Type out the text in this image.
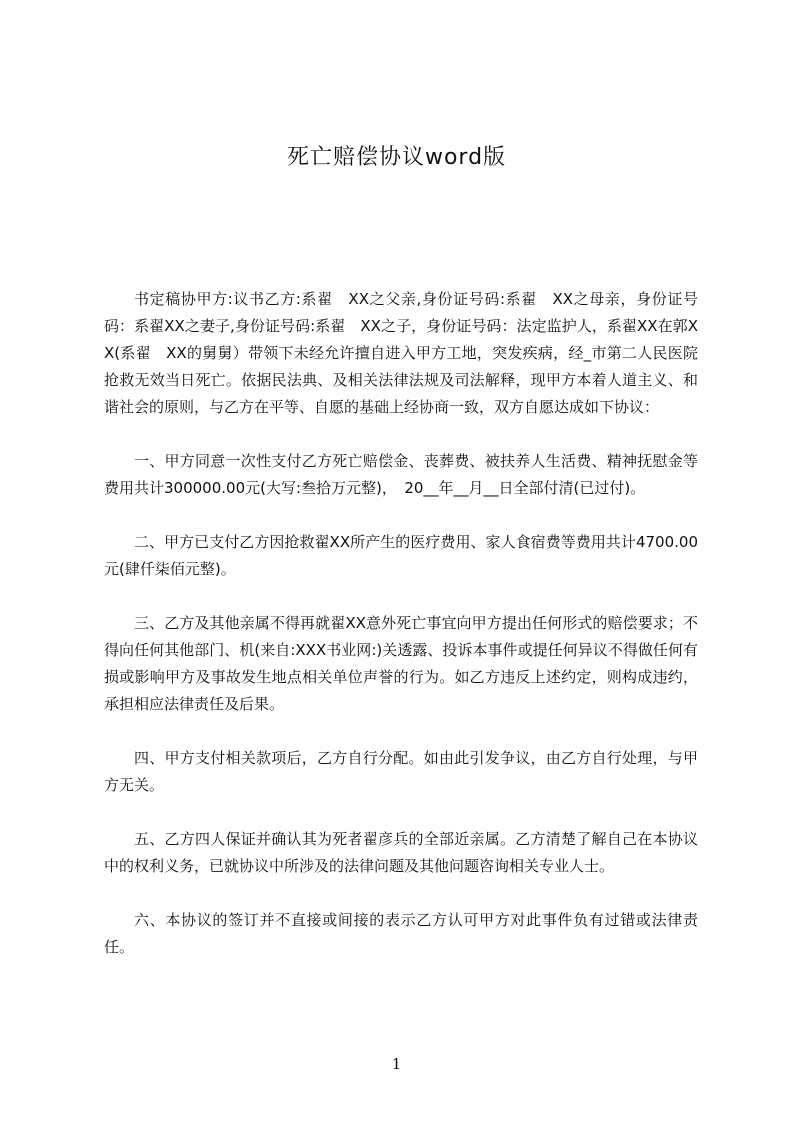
死亡赔偿协议word版

书定稿协甲方:议书乙方:系翟　XX之父亲,身份证号码:系翟　XX之母亲，身份证号码：系翟XX之妻子,身份证号码:系翟　XX之子，身份证号码：法定监护人，系翟XX在郭XX(系翟　XX的舅舅）带领下未经允许擅自进入甲方工地，突发疾病，经_市第二人民医院抢救无效当日死亡。依据民法典、及相关法律法规及司法解释，现甲方本着人道主义、和谐社会的原则，与乙方在平等、自愿的基础上经协商一致，双方自愿达成如下协议：

一、甲方同意一次性支付乙方死亡赔偿金、丧葬费、被扶养人生活费、精神抚慰金等费用共计300000.00元(大写:叁拾万元整)，　20__年__月__日全部付清(已过付)。

二、甲方已支付乙方因抢救翟XX所产生的医疗费用、家人食宿费等费用共计4700.00元(肆仟柒佰元整)。

三、乙方及其他亲属不得再就翟XX意外死亡事宜向甲方提出任何形式的赔偿要求；不得向任何其他部门、机(来自:XXX书业网:)关透露、投诉本事件或提任何异议不得做任何有损或影响甲方及事故发生地点相关单位声誉的行为。如乙方违反上述约定，则构成违约，承担相应法律责任及后果。

四、甲方支付相关款项后，乙方自行分配。如由此引发争议，由乙方自行处理，与甲方无关。

五、乙方四人保证并确认其为死者翟彦兵的全部近亲属。乙方清楚了解自己在本协议中的权利义务，已就协议中所涉及的法律问题及其他问题咨询相关专业人士。

六、本协议的签订并不直接或间接的表示乙方认可甲方对此事件负有过错或法律责任。

1
